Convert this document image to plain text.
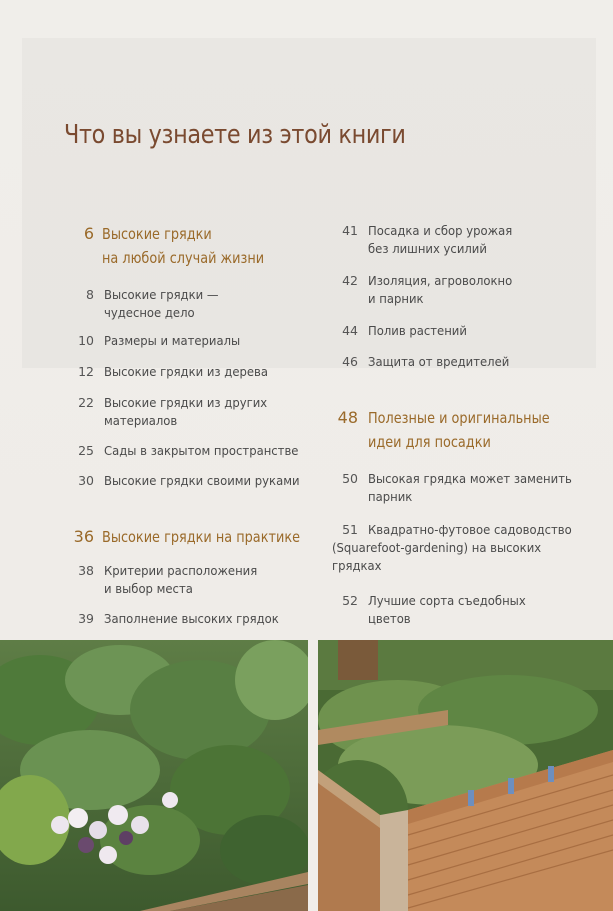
Что вы узнаете из этой книги
6 Высокие грядки
на любой случай жизни
8 Высокие грядки —
чудесное дело
10 Размеры и материалы
12 Высокие грядки из дерева
22 Высокие грядки из других
материалов
25 Сады в закрытом пространстве
30 Высокие грядки своими руками
36 Высокие грядки на практике
38 Критерии расположения
и выбор места
39 Заполнение высоких грядок
41 Посадка и сбор урожая
без лишних усилий
42 Изоляция, агроволокно
и парник
44 Полив растений
46 Защита от вредителей
48 Полезные и оригинальные
идеи для посадки
50 Высокая грядка может заменить
парник
51 Квадратно-футовое садоводство
(Squarefoot-gardening) на высоких
грядках
52 Лучшие сорта съедобных
цветов
